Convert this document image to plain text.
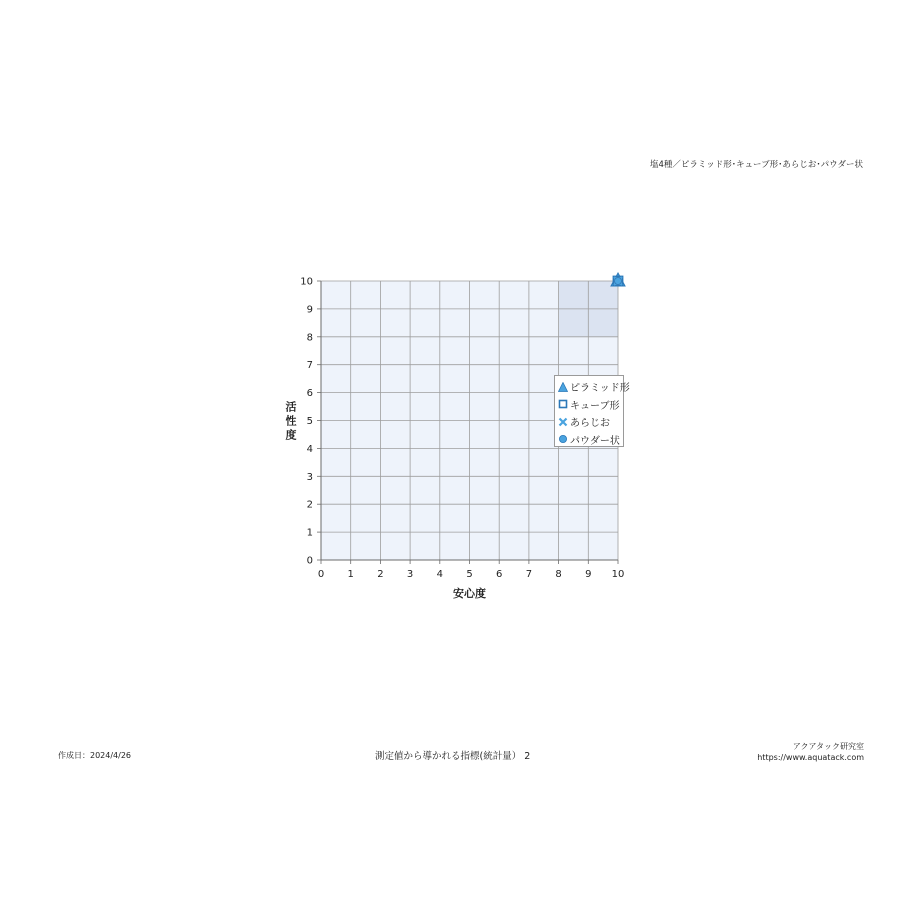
塩4種／ピラミッド形･キューブ形･あらじお･パウダー状
0 1 2 3 4 5 6 7 8 9 10
0
1
2
3
4
5
6
7
8
9
10
安心度
活
性
度
ピラミッド形
キューブ形
あらじお
パウダー状
作成日：2024/4/26	測定値から導かれる指標(統計量） 2
アクアタック研究室
https://www.aquatack.com
